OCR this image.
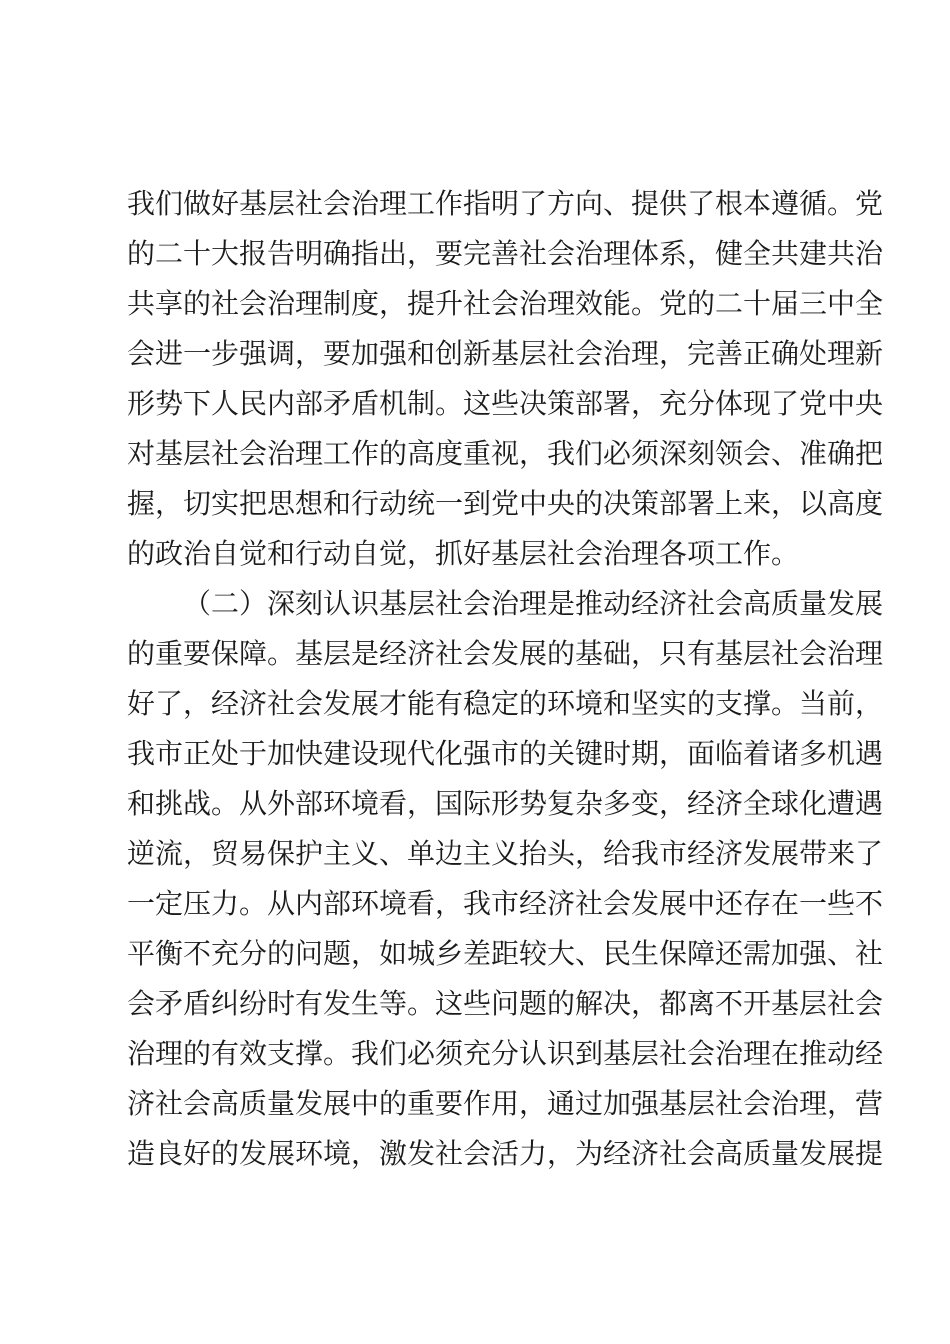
我们做好基层社会治理工作指明了方向、提供了根本遵循。党
的二十大报告明确指出，要完善社会治理体系，健全共建共治
共享的社会治理制度，提升社会治理效能。党的二十届三中全
会进一步强调，要加强和创新基层社会治理，完善正确处理新
形势下人民内部矛盾机制。这些决策部署，充分体现了党中央
对基层社会治理工作的高度重视，我们必须深刻领会、准确把
握，切实把思想和行动统一到党中央的决策部署上来，以高度
的政治自觉和行动自觉，抓好基层社会治理各项工作。
（二）深刻认识基层社会治理是推动经济社会高质量发展
的重要保障。基层是经济社会发展的基础，只有基层社会治理
好了，经济社会发展才能有稳定的环境和坚实的支撑。当前，
我市正处于加快建设现代化强市的关键时期，面临着诸多机遇
和挑战。从外部环境看，国际形势复杂多变，经济全球化遭遇
逆流，贸易保护主义、单边主义抬头，给我市经济发展带来了
一定压力。从内部环境看，我市经济社会发展中还存在一些不
平衡不充分的问题，如城乡差距较大、民生保障还需加强、社
会矛盾纠纷时有发生等。这些问题的解决，都离不开基层社会
治理的有效支撑。我们必须充分认识到基层社会治理在推动经
济社会高质量发展中的重要作用，通过加强基层社会治理，营
造良好的发展环境，激发社会活力，为经济社会高质量发展提
